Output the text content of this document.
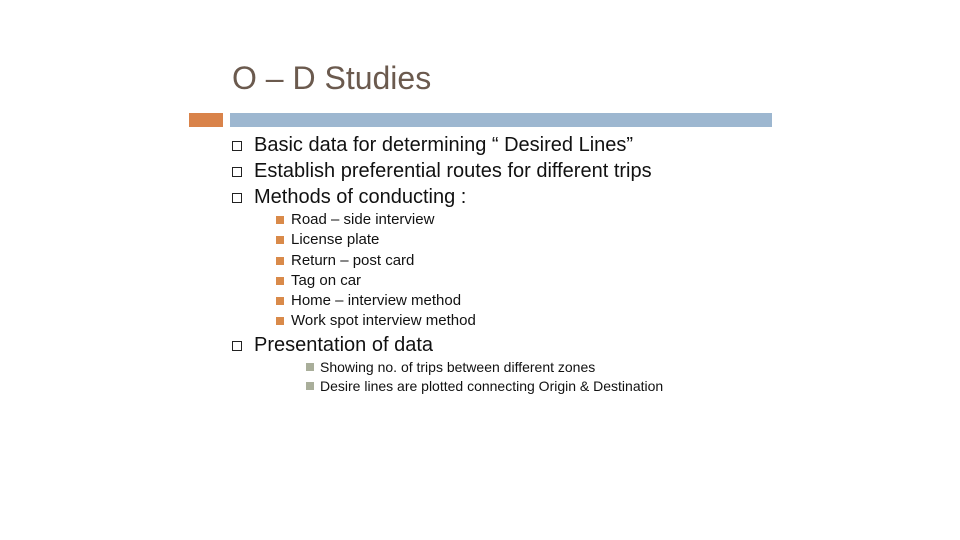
O – D Studies
Basic data for determining “ Desired Lines”
Establish preferential routes for different trips
Methods of conducting :
Road – side interview
License plate
Return – post card
Tag on car
Home – interview method
Work spot interview method
Presentation of data
Showing no. of trips between different zones
Desire lines are plotted connecting Origin & Destination
